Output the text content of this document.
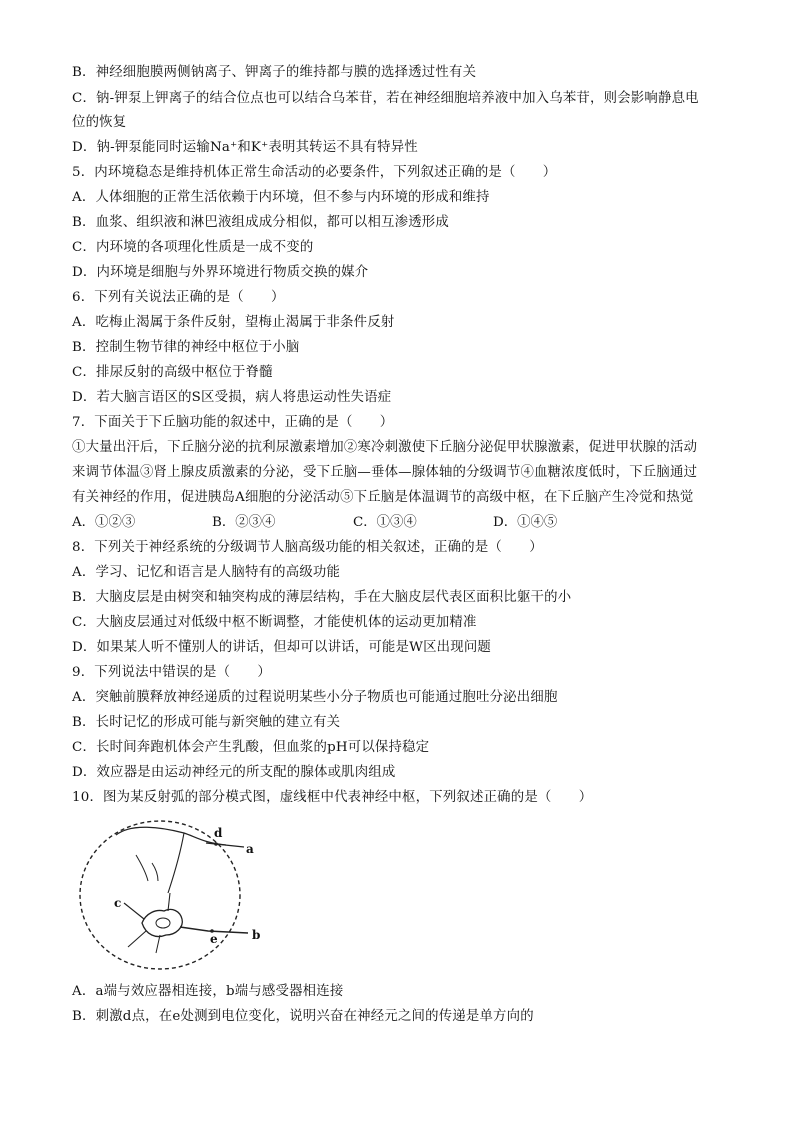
B．神经细胞膜两侧钠离子、钾离子的维持都与膜的选择透过性有关
C．钠-钾泵上钾离子的结合位点也可以结合乌苯苷，若在神经细胞培养液中加入乌苯苷，则会影响静息电
位的恢复
D．钠-钾泵能同时运输Na⁺和K⁺表明其转运不具有特异性
5．内环境稳态是维持机体正常生命活动的必要条件，下列叙述正确的是（　　）
A．人体细胞的正常生活依赖于内环境，但不参与内环境的形成和维持
B．血浆、组织液和淋巴液组成成分相似，都可以相互渗透形成
C．内环境的各项理化性质是一成不变的
D．内环境是细胞与外界环境进行物质交换的媒介
6．下列有关说法正确的是（　　）
A．吃梅止渴属于条件反射，望梅止渴属于非条件反射
B．控制生物节律的神经中枢位于小脑
C．排尿反射的高级中枢位于脊髓
D．若大脑言语区的S区受损，病人将患运动性失语症
7．下面关于下丘脑功能的叙述中，正确的是（　　）
①大量出汗后，下丘脑分泌的抗利尿激素增加②寒冷刺激使下丘脑分泌促甲状腺激素，促进甲状腺的活动
来调节体温③肾上腺皮质激素的分泌，受下丘脑—垂体—腺体轴的分级调节④血糖浓度低时，下丘脑通过
有关神经的作用，促进胰岛A细胞的分泌活动⑤下丘脑是体温调节的高级中枢，在下丘脑产生冷觉和热觉
A．①②③	B．②③④	C．①③④	D．①④⑤
8．下列关于神经系统的分级调节人脑高级功能的相关叙述，正确的是（　　）
A．学习、记忆和语言是人脑特有的高级功能
B．大脑皮层是由树突和轴突构成的薄层结构，手在大脑皮层代表区面积比躯干的小
C．大脑皮层通过对低级中枢不断调整，才能使机体的运动更加精准
D．如果某人听不懂别人的讲话，但却可以讲话，可能是W区出现问题
9．下列说法中错误的是（　　）
A．突触前膜释放神经递质的过程说明某些小分子物质也可能通过胞吐分泌出细胞
B．长时记忆的形成可能与新突触的建立有关
C．长时间奔跑机体会产生乳酸，但血浆的pH可以保持稳定
D．效应器是由运动神经元的所支配的腺体或肌肉组成
10．图为某反射弧的部分模式图，虚线框中代表神经中枢，下列叙述正确的是（　　）
d
a
c
e	b
A．a端与效应器相连接，b端与感受器相连接
B．刺激d点，在e处测到电位变化，说明兴奋在神经元之间的传递是单方向的
